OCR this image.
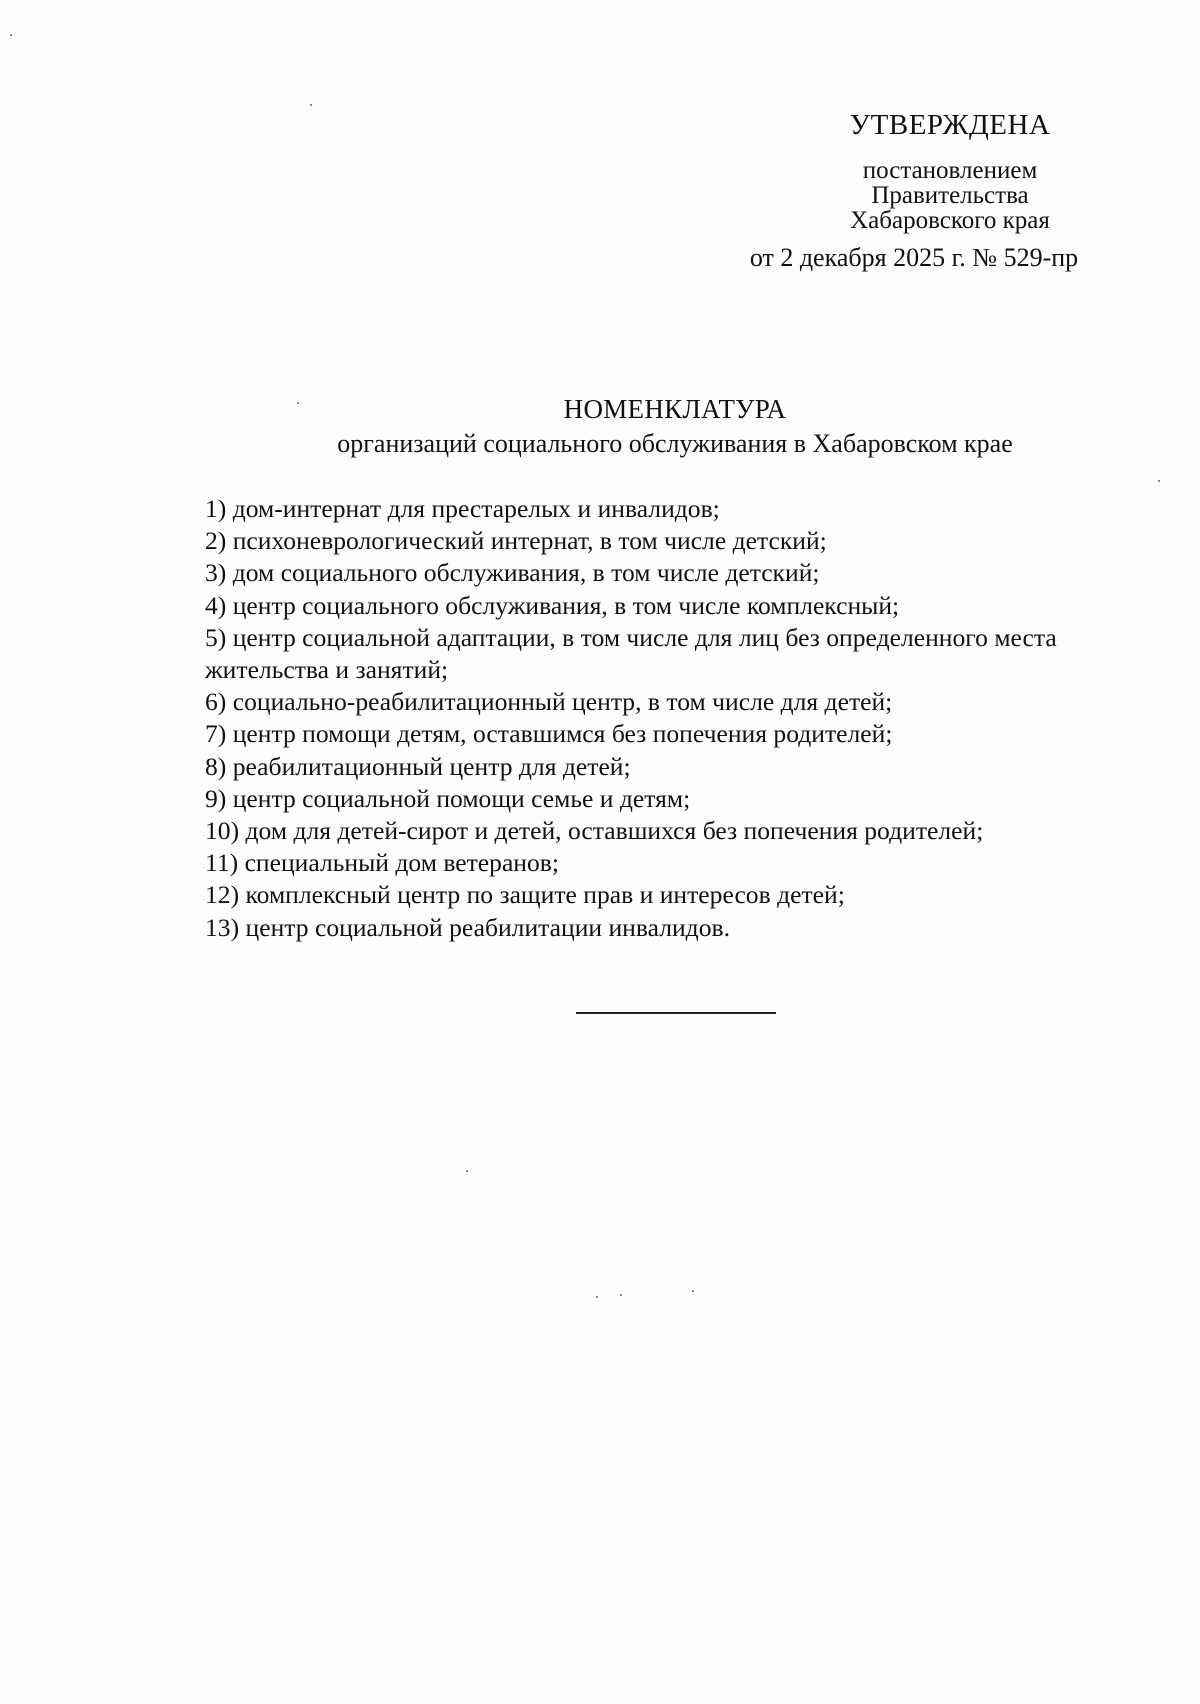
УТВЕРЖДЕНА
постановлением
Правительства
Хабаровского края
от 2 декабря 2025 г. № 529-пр
НОМЕНКЛАТУРА
организаций социального обслуживания в Хабаровском крае
1) дом-интернат для престарелых и инвалидов;
2) психоневрологический интернат, в том числе детский;
3) дом социального обслуживания, в том числе детский;
4) центр социального обслуживания, в том числе комплексный;
5) центр социальной адаптации, в том числе для лиц без определенного места
жительства и занятий;
6) социально-реабилитационный центр, в том числе для детей;
7) центр помощи детям, оставшимся без попечения родителей;
8) реабилитационный центр для детей;
9) центр социальной помощи семье и детям;
10) дом для детей-сирот и детей, оставшихся без попечения родителей;
11) специальный дом ветеранов;
12) комплексный центр по защите прав и интересов детей;
13) центр социальной реабилитации инвалидов.
